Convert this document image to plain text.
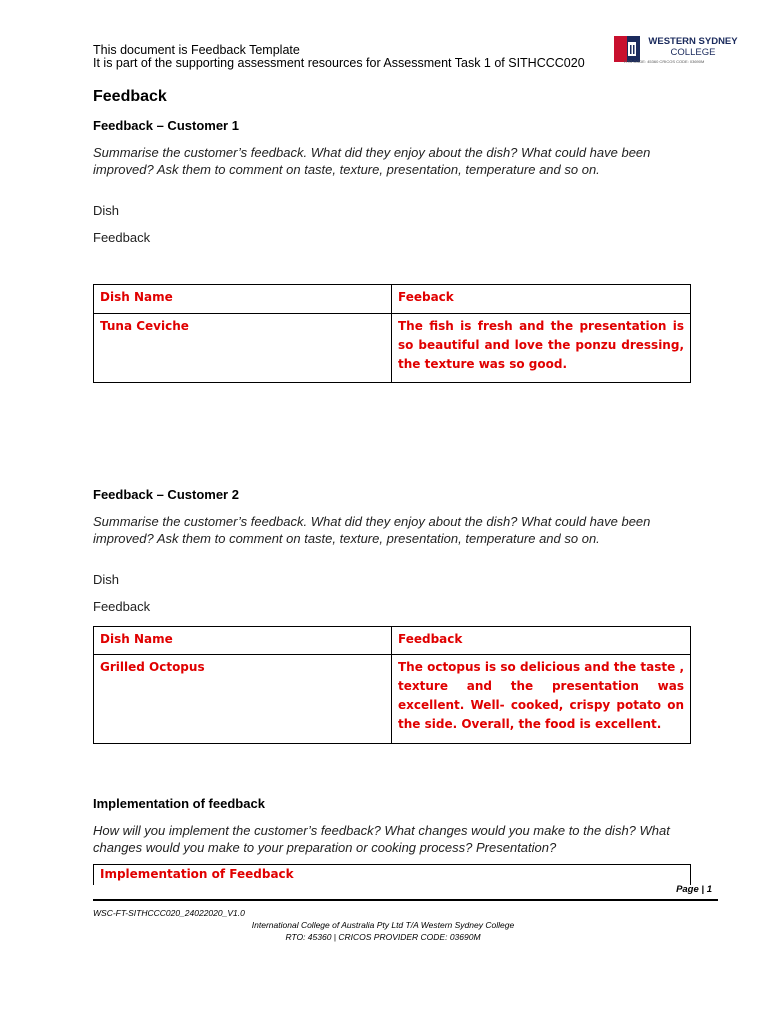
This document is Feedback Template
It is part of the supporting assessment resources for Assessment Task 1 of SITHCCC020
WESTERN SYDNEY
COLLEGE
RTO CODE: 45360 CRICOS CODE: 03690M
Feedback
Feedback – Customer 1
Summarise the customer’s feedback. What did they enjoy about the dish? What could have been improved? Ask them to comment on taste, texture, presentation, temperature and so on.
Dish
Feedback
Dish Name	Feeback
Tuna Ceviche	The fish is fresh and the presentation is so beautiful and love the ponzu dressing, the texture was so good.
Feedback – Customer 2
Summarise the customer’s feedback. What did they enjoy about the dish? What could have been improved? Ask them to comment on taste, texture, presentation, temperature and so on.
Dish
Feedback
Dish Name	Feedback
Grilled Octopus	The octopus is so delicious and the taste , texture and the presentation was excellent. Well- cooked, crispy potato on the side. Overall, the food is excellent.
Implementation of feedback
How will you implement the customer’s feedback? What changes would you make to the dish? What changes would you make to your preparation or cooking process? Presentation?
Implementation of Feedback
Page | 1
WSC-FT-SITHCCC020_24022020_V1.0
International College of Australia Pty Ltd T/A Western Sydney College
RTO: 45360 | CRICOS PROVIDER CODE: 03690M
